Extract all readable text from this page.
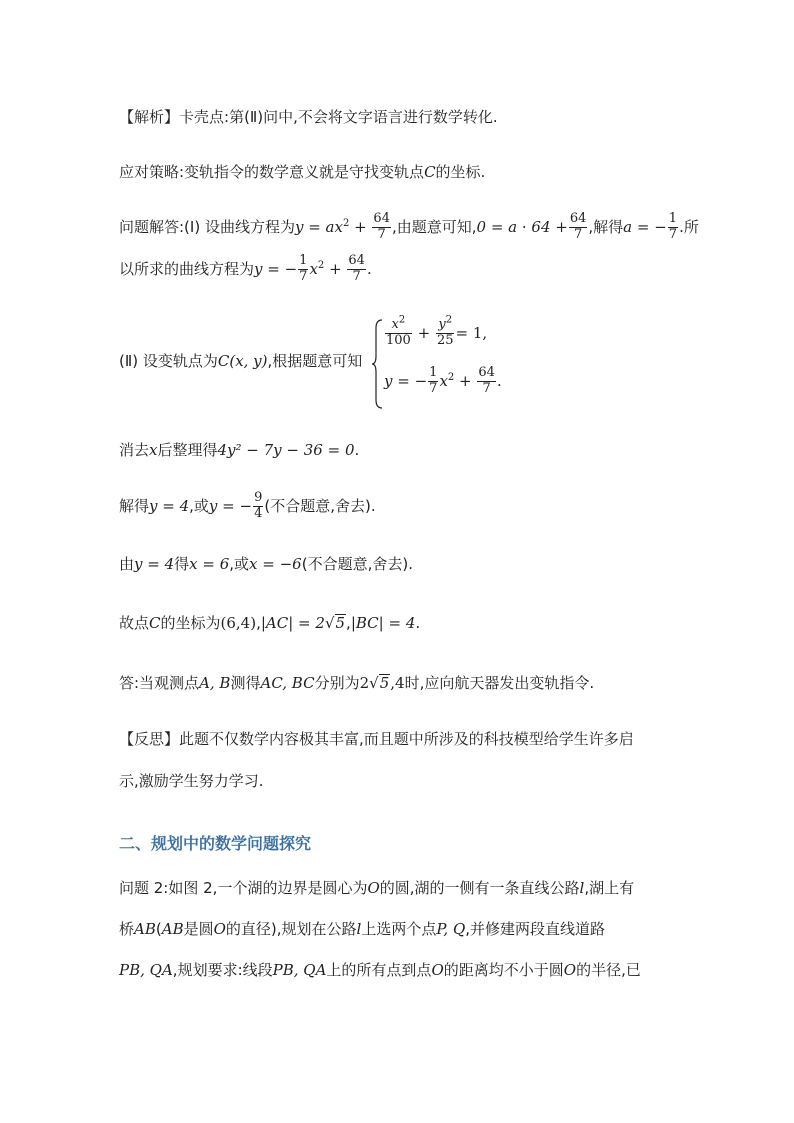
【解析】卡壳点:第(Ⅱ)问中,不会将文字语言进行数学转化.
应对策略:变轨指令的数学意义就是守找变轨点C的坐标.
问题解答:(Ⅰ) 设曲线方程为$y = ax^2 + \frac{64}{7}$ ,由题意可知$,0 = a \cdot 64 + \frac{64}{7}$ ,解得a = − $\frac{1}{7}$ .所
以所求的曲线方程为y = − $\frac{1}{7} x^2 + \frac{64}{7}$ .
(Ⅱ) 设变轨点为C(x, y),根据题意可知
$\frac{x^2}{100} + \frac{y^2}{25} = 1$,
y = − $\frac{1}{7} x^2 + \frac{64}{7}$ .
消去x后整理得4y² − 7y − 36 = 0.
解得y = 4,或y = − $\frac{9}{4}$ (不合题意,舍去).
由y = 4得x = 6,或x = −6(不合题意,舍去).
故点C的坐标为(6,4),|AC| = 2√5,|BC| = 4.
答:当观测点A, B测得AC, BC分别为2√5,4时,应向航天器发出变轨指令.
【反思】此题不仅数学内容极其丰富,而且题中所涉及的科技模型给学生许多启
示,激励学生努力学习.
二、规划中的数学问题探究
问题 2:如图 2,一个湖的边界是圆心为O的圆,湖的一侧有一条直线公路l,湖上有
桥AB(AB是圆O的直径),规划在公路l上选两个点P, Q,并修建两段直线道路
PB, QA,规划要求:线段PB, QA上的所有点到点O的距离均不小于圆O的半径,已
